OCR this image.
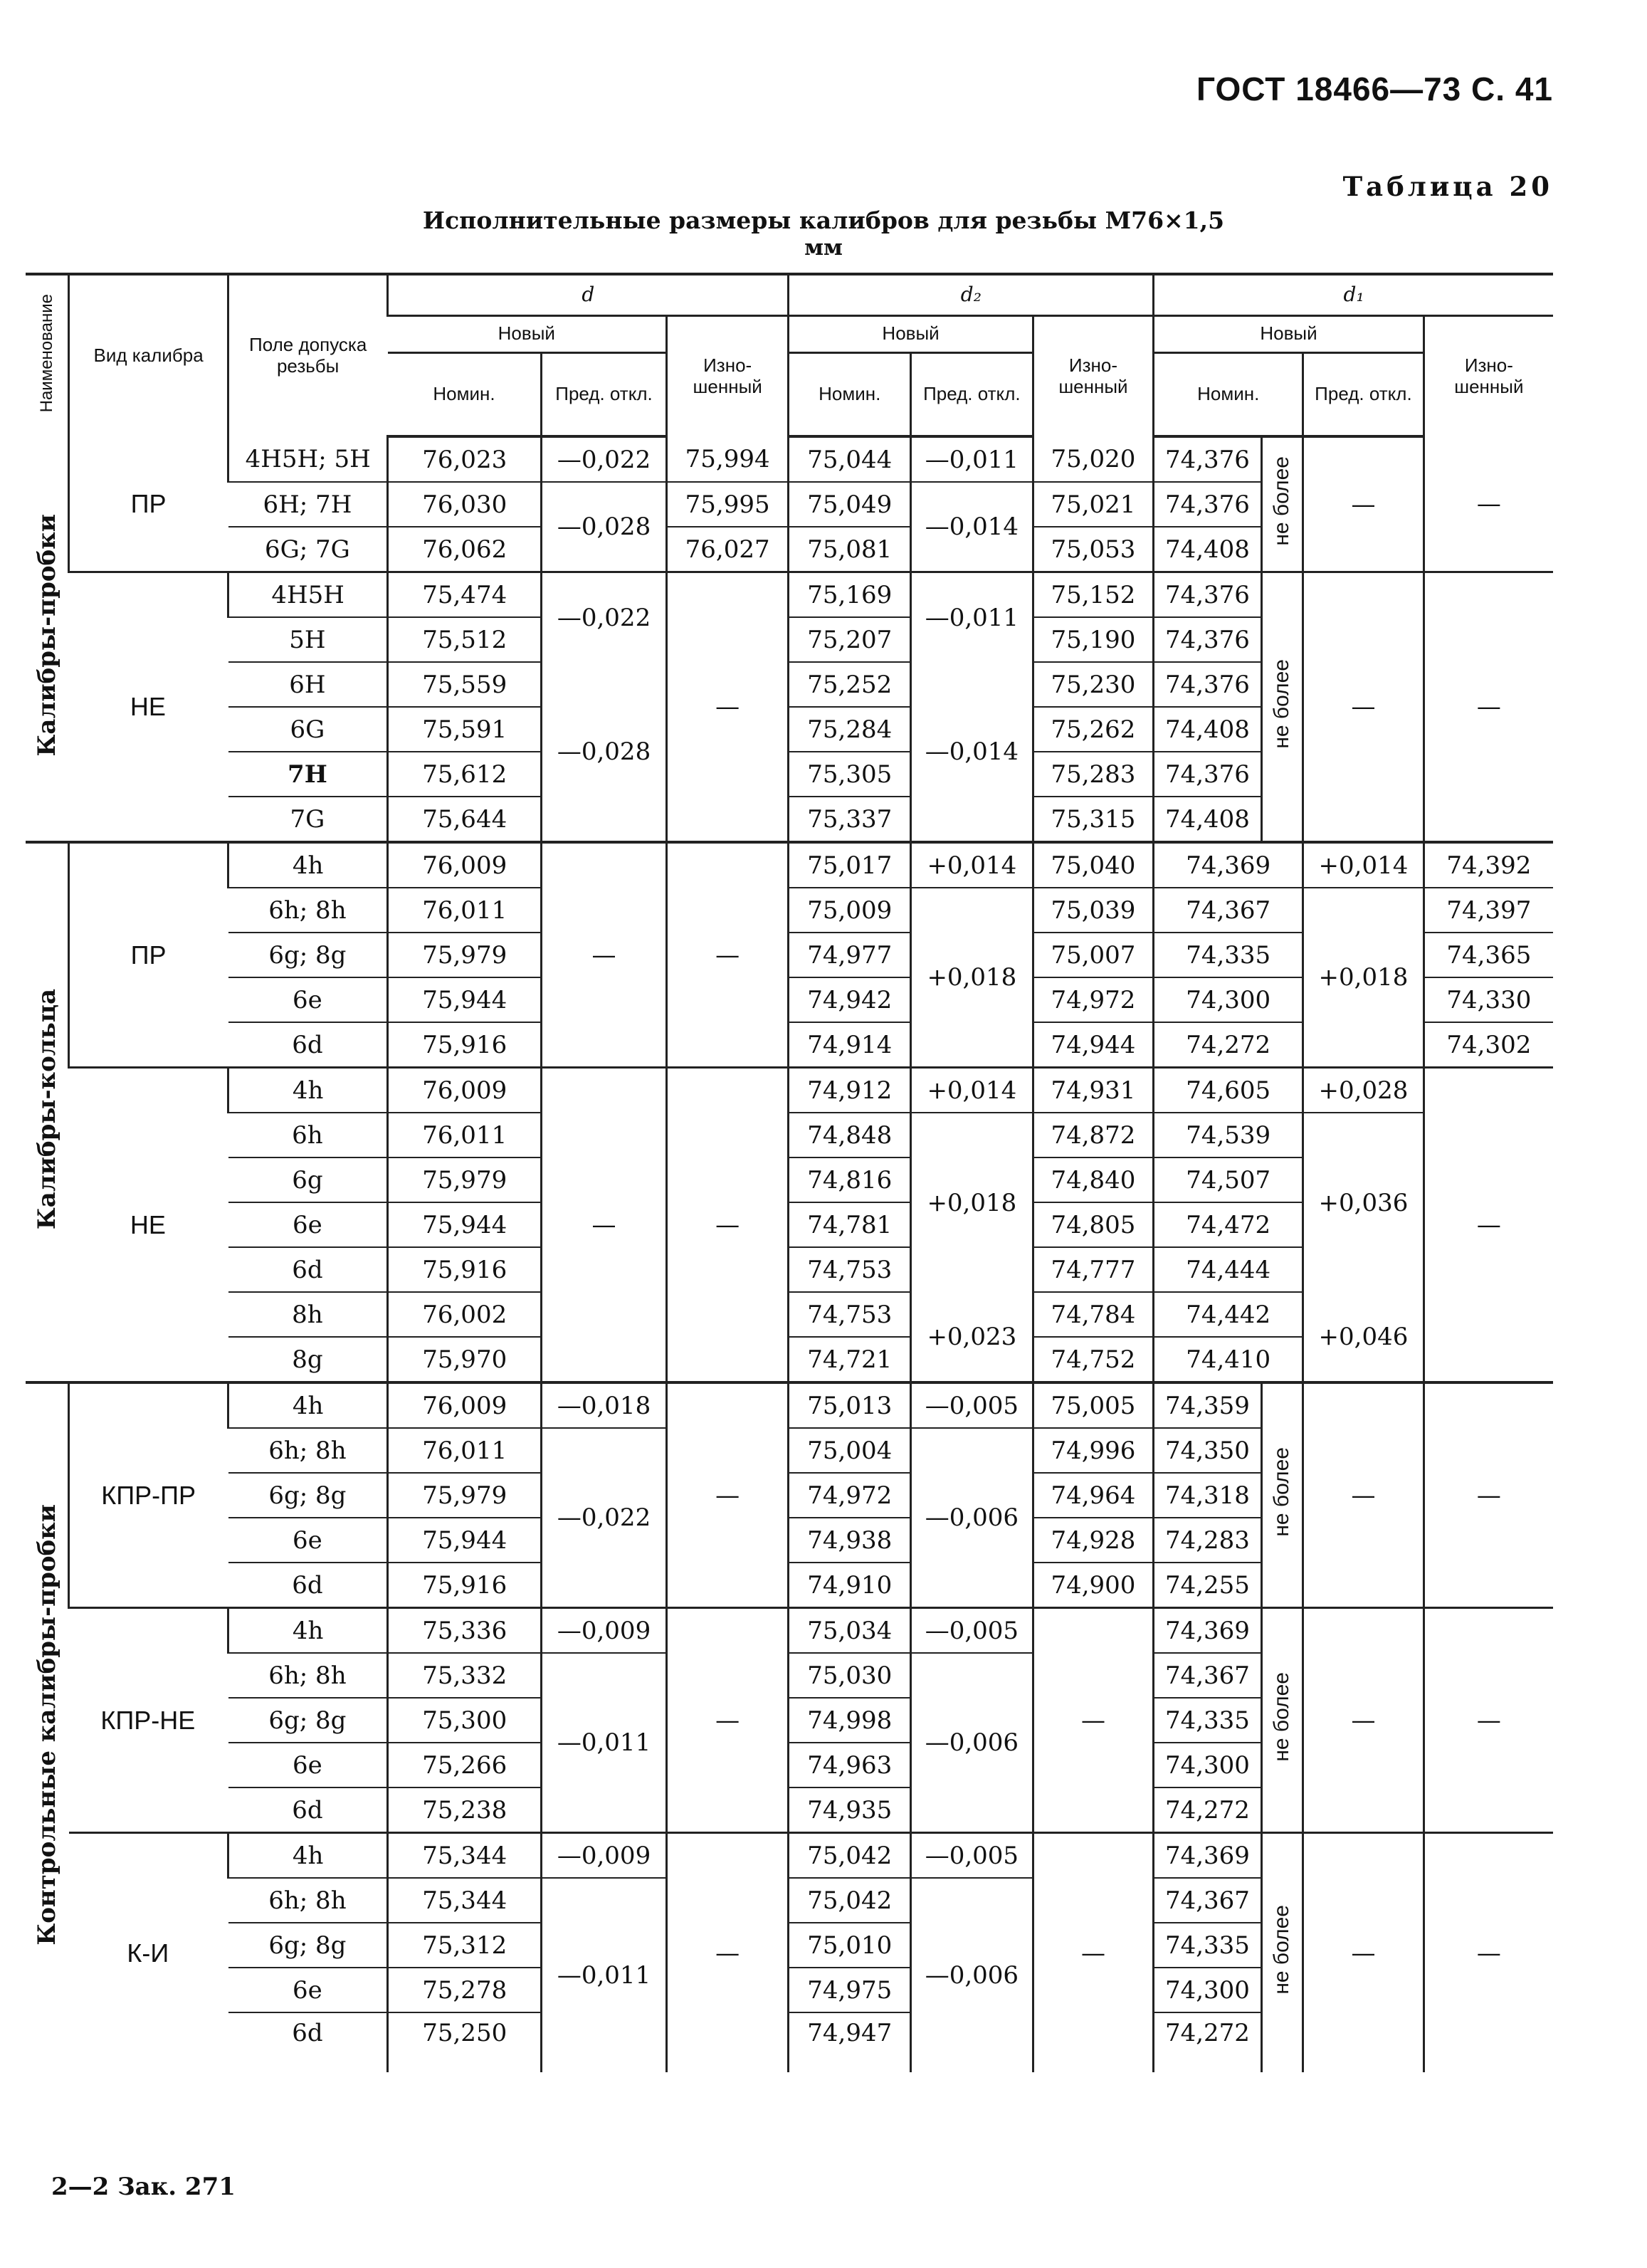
ГОСТ 18466—73 С. 41
Таблица 20
Исполнительные размеры калибров для резьбы M76×1,5
мм
Наименование	Вид калибра	Поле допуска резьбы	d			d₂			d₁			
			Новый		Изно- шенный	Новый		Изно- шенный	Новый			Изно- шенный
			Номин.	Пред. откл.		Номин.	Пред. откл.		Номин.		Пред. откл.	
Калибры-пробки	ПР	4H5H; 5H	76,023	—0,022	75,994	75,044	—0,011	75,020	74,376	не более	—	—
		6H; 7H	76,030	—0,028	75,995	75,049	—0,014	75,021	74,376			
		6G; 7G	76,062		76,027	75,081		75,053	74,408			
	НЕ	4H5H	75,474	—0,022	—	75,169	—0,011	75,152	74,376	не более	—	—
		5H	75,512			75,207		75,190	74,376			
		6H	75,559	—0,028		75,252	—0,014	75,230	74,376			
		6G	75,591			75,284		75,262	74,408			
		7H	75,612			75,305		75,283	74,376			
		7G	75,644			75,337		75,315	74,408			
Калибры-кольца	ПР	4h	76,009	—	—	75,017	+0,014	75,040	74,369		+0,014	74,392
		6h; 8h	76,011			75,009	+0,018	75,039	74,367		+0,018	74,397
		6g; 8g	75,979			74,977		75,007	74,335			74,365
		6e	75,944			74,942		74,972	74,300			74,330
		6d	75,916			74,914		74,944	74,272			74,302
	НЕ	4h	76,009	—	—	74,912	+0,014	74,931	74,605		+0,028	—
		6h	76,011			74,848	+0,018	74,872	74,539		+0,036	
		6g	75,979			74,816		74,840	74,507			
		6e	75,944			74,781		74,805	74,472			
		6d	75,916			74,753		74,777	74,444			
		8h	76,002			74,753	+0,023	74,784	74,442		+0,046	
		8g	75,970			74,721		74,752	74,410			
Контрольные калибры-пробки	КПР-ПР	4h	76,009	—0,018	—	75,013	—0,005	75,005	74,359	не более	—	—
		6h; 8h	76,011	—0,022		75,004	—0,006	74,996	74,350			
		6g; 8g	75,979			74,972		74,964	74,318			
		6e	75,944			74,938		74,928	74,283			
		6d	75,916			74,910		74,900	74,255			
	КПР-НЕ	4h	75,336	—0,009	—	75,034	—0,005	—	74,369	не более	—	—
		6h; 8h	75,332	—0,011		75,030	—0,006		74,367			
		6g; 8g	75,300			74,998			74,335			
		6e	75,266			74,963			74,300			
		6d	75,238			74,935			74,272			
	К-И	4h	75,344	—0,009	—	75,042	—0,005	—	74,369	не более	—	—
		6h; 8h	75,344	—0,011		75,042	—0,006		74,367			
		6g; 8g	75,312			75,010			74,335			
		6e	75,278			74,975			74,300			
		6d	75,250			74,947			74,272			
2—2 Зак. 271
